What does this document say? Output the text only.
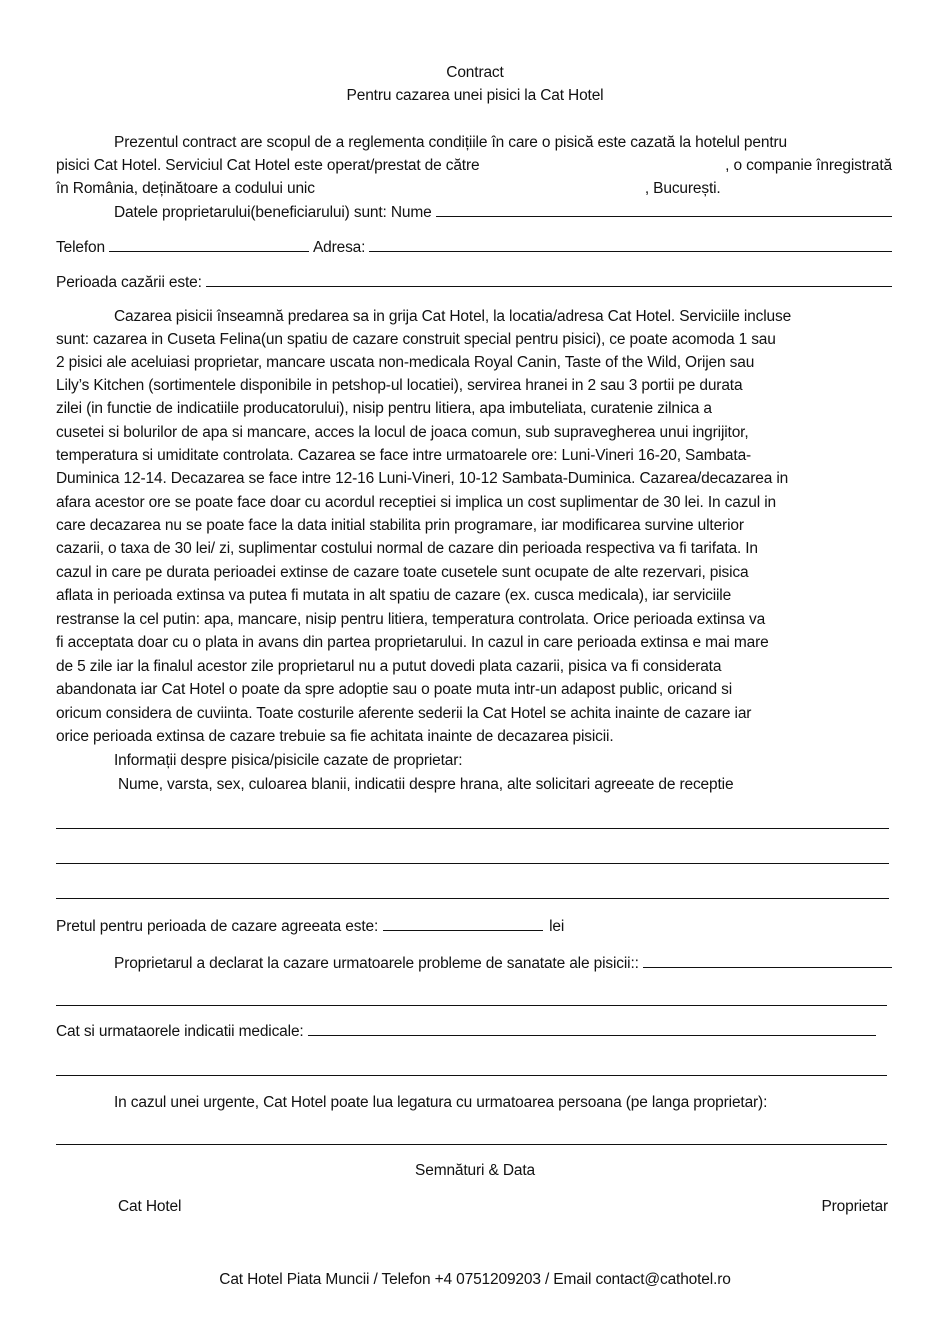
Contract
Pentru cazarea unei pisici la Cat Hotel
Prezentul contract are scopul de a reglementa condițiile în care o pisică este cazată la hotelul pentru
pisici Cat Hotel. Serviciul Cat Hotel este operat/prestat de către	, o companie înregistrată
în România, deținătoare a codului unic	, București.
Datele proprietarului(beneficiarului) sunt: Nume
Telefon	Adresa:
Perioada cazării este:
Cazarea pisicii înseamnă predarea sa in grija Cat Hotel, la locatia/adresa Cat Hotel. Serviciile incluse
sunt: cazarea in Cuseta Felina(un spatiu de cazare construit special pentru pisici), ce poate acomoda 1 sau
2 pisici ale aceluiasi proprietar, mancare uscata non-medicala Royal Canin, Taste of the Wild, Orijen sau
Lily’s Kitchen (sortimentele disponibile in petshop-ul locatiei), servirea hranei in 2 sau 3 portii pe durata
zilei (in functie de indicatiile producatorului), nisip pentru litiera, apa imbuteliata, curatenie zilnica a
cusetei si bolurilor de apa si mancare, acces la locul de joaca comun, sub supravegherea unui ingrijitor,
temperatura si umiditate controlata. Cazarea se face intre urmatoarele ore: Luni-Vineri 16-20, Sambata-
Duminica 12-14. Decazarea se face intre 12-16 Luni-Vineri, 10-12 Sambata-Duminica. Cazarea/decazarea in
afara acestor ore se poate face doar cu acordul receptiei si implica un cost suplimentar de 30 lei. In cazul in
care decazarea nu se poate face la data initial stabilita prin programare, iar modificarea survine ulterior
cazarii, o taxa de 30 lei/ zi, suplimentar costului normal de cazare din perioada respectiva va fi tarifata. In
cazul in care pe durata perioadei extinse de cazare toate cusetele sunt ocupate de alte rezervari, pisica
aflata in perioada extinsa va putea fi mutata in alt spatiu de cazare (ex. cusca medicala), iar serviciile
restranse la cel putin: apa, mancare, nisip pentru litiera, temperatura controlata. Orice perioada extinsa va
fi acceptata doar cu o plata in avans din partea proprietarului. In cazul in care perioada extinsa e mai mare
de 5 zile iar la finalul acestor zile proprietarul nu a putut dovedi plata cazarii, pisica va fi considerata
abandonata iar Cat Hotel o poate da spre adoptie sau o poate muta intr-un adapost public, oricand si
oricum considera de cuviinta. Toate costurile aferente sederii la Cat Hotel se achita inainte de cazare iar
orice perioada extinsa de cazare trebuie sa fie achitata inainte de decazarea pisicii.
Informații despre pisica/pisicile cazate de proprietar:
Nume, varsta, sex, culoarea blanii, indicatii despre hrana, alte solicitari agreeate de receptie
Pretul pentru perioada de cazare agreeata este:	lei
Proprietarul a declarat la cazare urmatoarele probleme de sanatate ale pisicii::
Cat si urmataorele indicatii medicale:
In cazul unei urgente, Cat Hotel poate lua legatura cu urmatoarea persoana (pe langa proprietar):
Semnături & Data
Cat Hotel	Proprietar
Cat Hotel Piata Muncii / Telefon +4 0751209203 / Email contact@cathotel.ro
